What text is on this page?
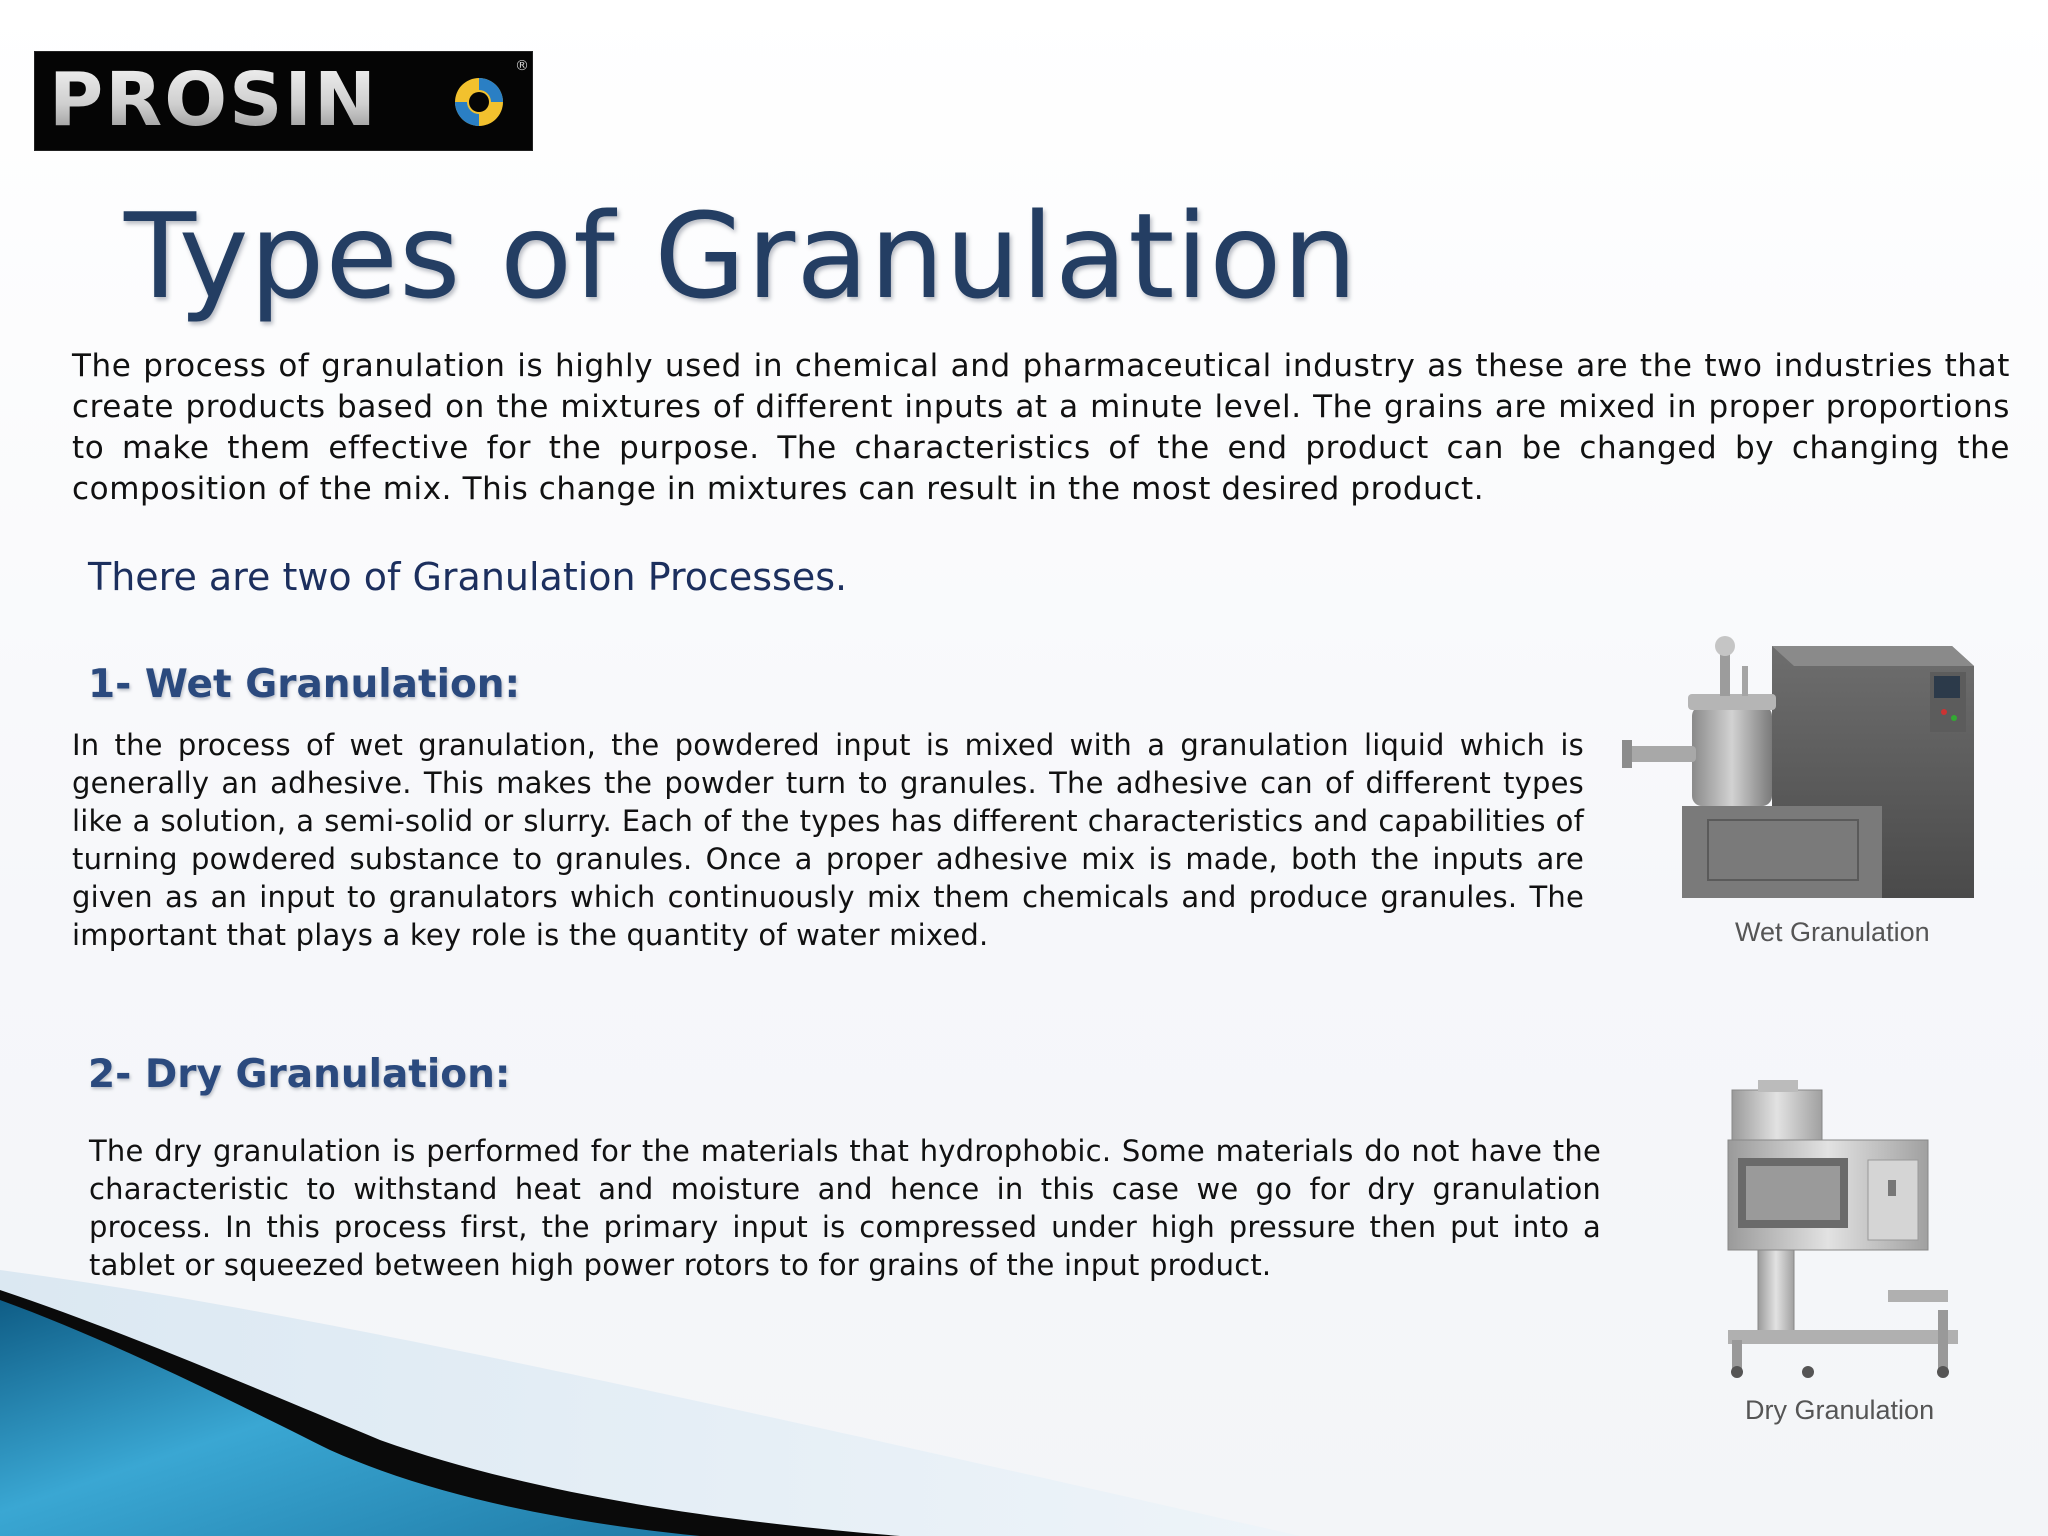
PROSIN	®
Types of Granulation

The process of granulation is highly used in chemical and pharmaceutical industry as these are the two industries that create products based on the mixtures of different inputs at a minute level. The grains are mixed in proper proportions to make them effective for the purpose. The characteristics of the end product can be changed by changing the composition of the mix. This change in mixtures can result in the most desired product.

There are two of Granulation Processes.
1- Wet Granulation:

In the process of wet granulation, the powdered input is mixed with a granulation liquid which is generally an adhesive. This makes the powder turn to granules. The adhesive can of different types like a solution, a semi-solid or slurry. Each of the types has different characteristics and capabilities of turning powdered substance to granules. Once a proper adhesive mix is made, both the inputs are given as an input to granulators which continuously mix them chemicals and produce granules. The important that plays a key role is the quantity of water mixed.	Wet Granulation
2- Dry Granulation:

The dry granulation is performed for the materials that hydrophobic. Some materials do not have the characteristic to withstand heat and moisture and hence in this case we go for dry granulation process. In this process first, the primary input is compressed under high pressure then put into a tablet or squeezed between high power rotors to for grains of the input product.

Dry Granulation
